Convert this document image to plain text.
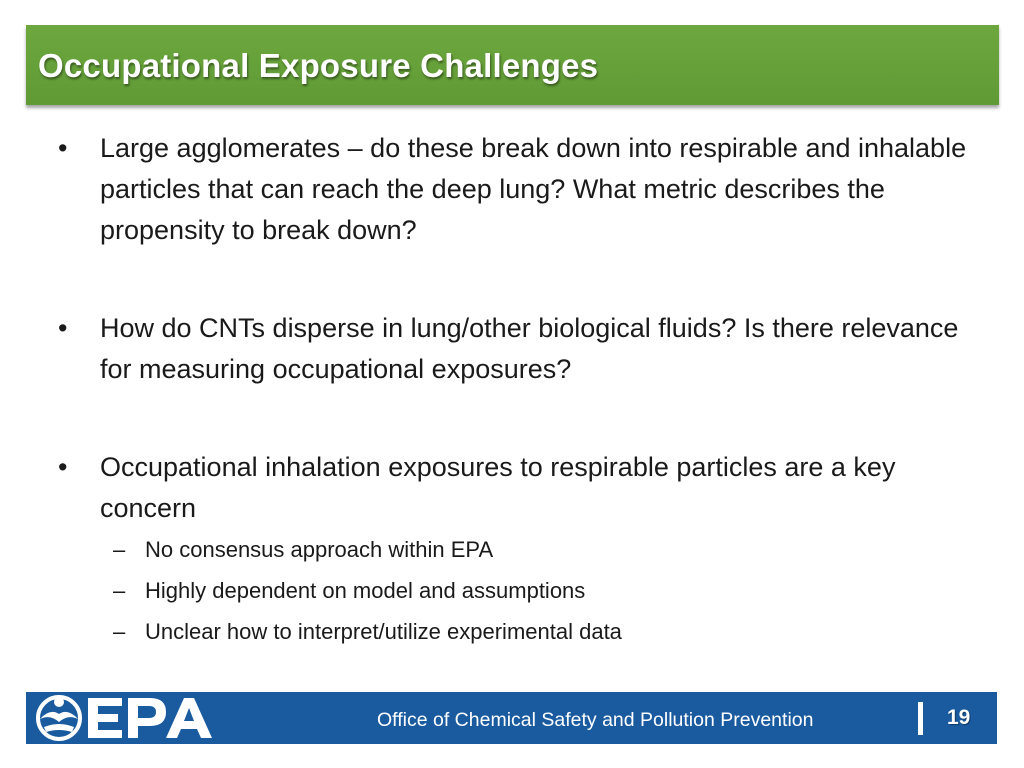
Occupational Exposure Challenges
•	Large agglomerates – do these break down into respirable and inhalable particles that can reach the deep lung? What metric describes the propensity to break down?
•	How do CNTs disperse in lung/other biological fluids? Is there relevance for measuring occupational exposures?
•	Occupational inhalation exposures to respirable particles are a key concern
– No consensus approach within EPA
– Highly dependent on model and assumptions
– Unclear how to interpret/utilize experimental data
Office of Chemical Safety and Pollution Prevention	19
